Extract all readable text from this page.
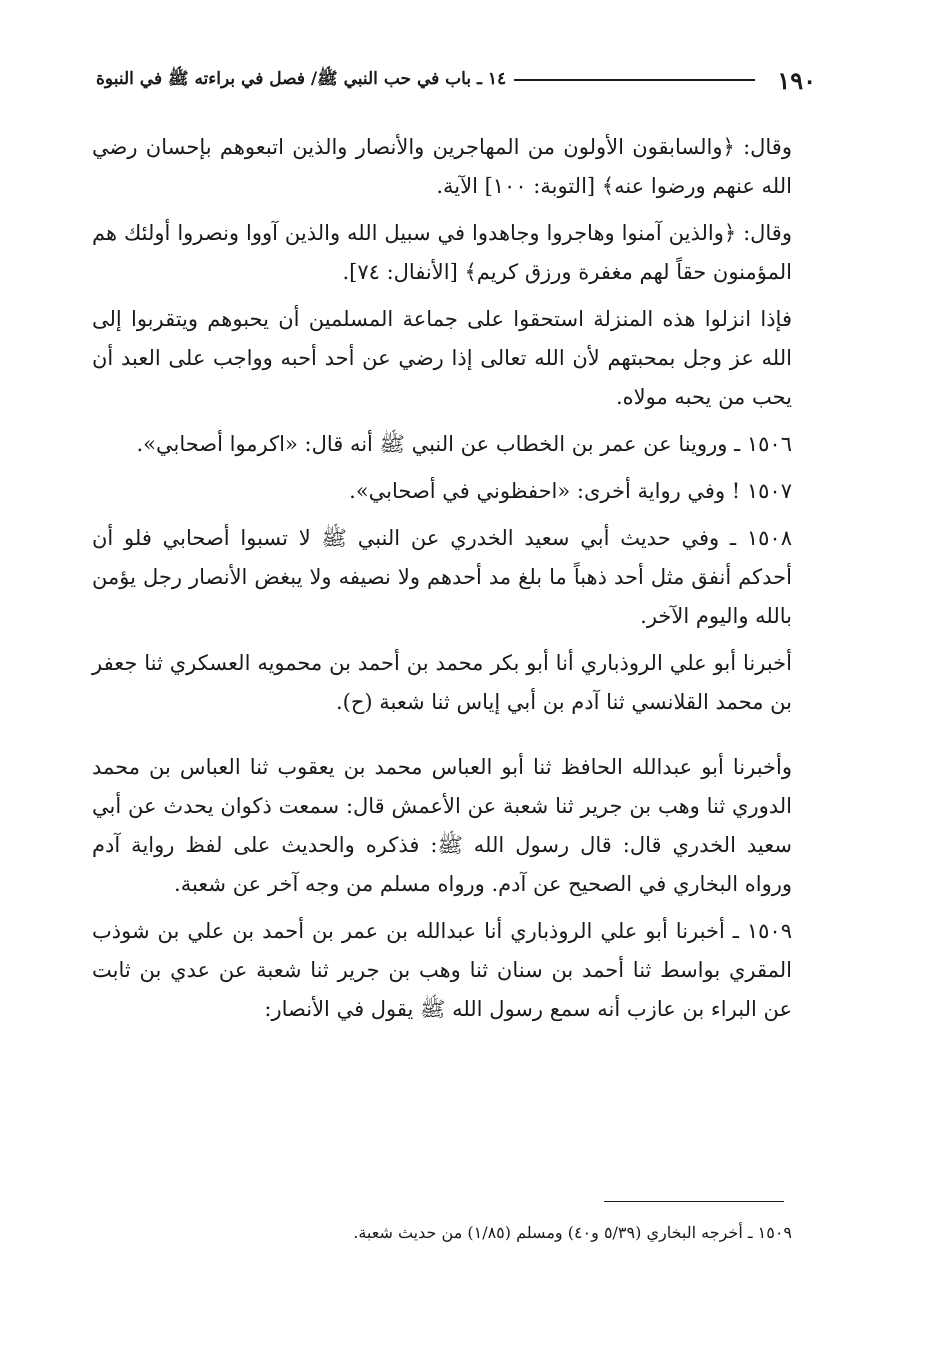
١٩٠
١٤ ـ باب في حب النبي ﷺ/ فصل في براءته ﷺ في النبوة

وقال: ﴿والسابقون الأولون من المهاجرين والأنصار والذين اتبعوهم بإحسان رضي الله عنهم ورضوا عنه﴾ [التوبة: ١٠٠] الآية.

وقال: ﴿والذين آمنوا وهاجروا وجاهدوا في سبيل الله والذين آووا ونصروا أولئك هم المؤمنون حقاً لهم مغفرة ورزق كريم﴾ [الأنفال: ٧٤].

فإذا انزلوا هذه المنزلة استحقوا على جماعة المسلمين أن يحبوهم ويتقربوا إلى الله عز وجل بمحبتهم لأن الله تعالى إذا رضي عن أحد أحبه وواجب على العبد أن يحب من يحبه مولاه.

١٥٠٦ ـ وروينا عن عمر بن الخطاب عن النبي ﷺ أنه قال: «اكرموا أصحابي».

١٥٠٧ ! وفي رواية أخرى: «احفظوني في أصحابي».

١٥٠٨ ـ وفي حديث أبي سعيد الخدري عن النبي ﷺ لا تسبوا أصحابي فلو أن أحدكم أنفق مثل أحد ذهباً ما بلغ مد أحدهم ولا نصيفه ولا يبغض الأنصار رجل يؤمن بالله واليوم الآخر.

أخبرنا أبو علي الروذباري أنا أبو بكر محمد بن أحمد بن محمويه العسكري ثنا جعفر بن محمد القلانسي ثنا آدم بن أبي إياس ثنا شعبة (ح).

وأخبرنا أبو عبدالله الحافظ ثنا أبو العباس محمد بن يعقوب ثنا العباس بن محمد الدوري ثنا وهب بن جرير ثنا شعبة عن الأعمش قال: سمعت ذكوان يحدث عن أبي سعيد الخدري قال: قال رسول الله ﷺ: فذكره والحديث على لفظ رواية آدم ورواه البخاري في الصحيح عن آدم. ورواه مسلم من وجه آخر عن شعبة.

١٥٠٩ ـ أخبرنا أبو علي الروذباري أنا عبدالله بن عمر بن أحمد بن علي بن شوذب المقري بواسط ثنا أحمد بن سنان ثنا وهب بن جرير ثنا شعبة عن عدي بن ثابت عن البراء بن عازب أنه سمع رسول الله ﷺ يقول في الأنصار:

١٥٠٩ ـ أخرجه البخاري (٥/٣٩ و٤٠) ومسلم (١/٨٥) من حديث شعبة.
